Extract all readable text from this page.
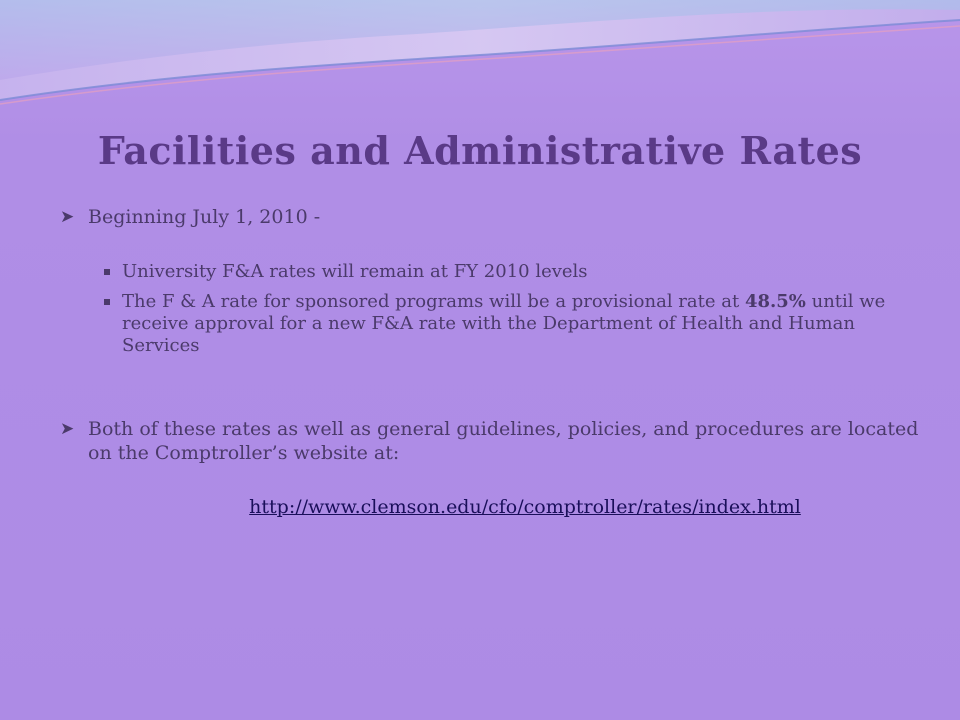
Facilities and Administrative Rates
➤ Beginning July 1, 2010 -
University F&A rates will remain at FY 2010 levels
The F & A rate for sponsored programs will be a provisional rate at 48.5% until we receive approval for a new F&A rate with the Department of Health and Human Services
➤ Both of these rates as well as general guidelines, policies, and procedures are located on the Comptroller’s website at:
http://www.clemson.edu/cfo/comptroller/rates/index.html
